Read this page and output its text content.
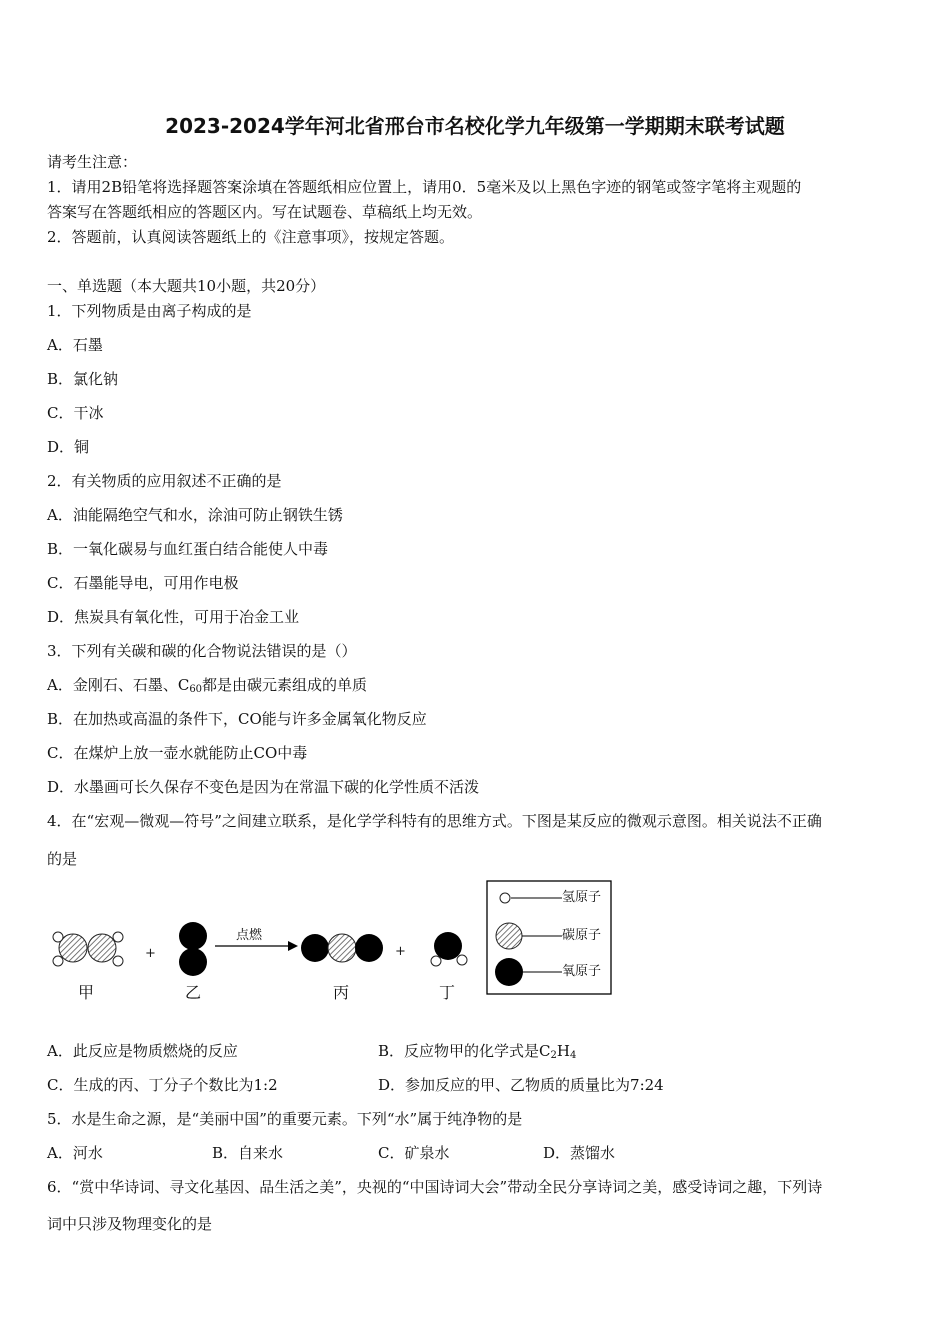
2023-2024学年河北省邢台市名校化学九年级第一学期期末联考试题
请考生注意：
1．请用2B铅笔将选择题答案涂填在答题纸相应位置上，请用0．5毫米及以上黑色字迹的钢笔或签字笔将主观题的
答案写在答题纸相应的答题区内。写在试题卷、草稿纸上均无效。
2．答题前，认真阅读答题纸上的《注意事项》，按规定答题。
一、单选题（本大题共10小题，共20分）
1．下列物质是由离子构成的是
A．石墨
B．氯化钠
C．干冰
D．铜
2．有关物质的应用叙述不正确的是
A．油能隔绝空气和水，涂油可防止钢铁生锈
B．一氧化碳易与血红蛋白结合能使人中毒
C．石墨能导电，可用作电极
D．焦炭具有氧化性，可用于冶金工业
3．下列有关碳和碳的化合物说法错误的是（）
A．金刚石、石墨、$C_{60}$都是由碳元素组成的单质
B．在加热或高温的条件下，CO能与许多金属氧化物反应
C．在煤炉上放一壶水就能防止CO中毒
D．水墨画可长久保存不变色是因为在常温下碳的化学性质不活泼
4．在“宏观—微观—符号”之间建立联系，是化学学科特有的思维方式。下图是某反应的微观示意图。相关说法不正确
的是
甲	乙	丙	丁
+	+
点燃
氢原子
碳原子
氧原子
A．此反应是物质燃烧的反应	B．反应物甲的化学式是$C_2H_4$
C．生成的丙、丁分子个数比为1:2	D．参加反应的甲、乙物质的质量比为7:24
5．水是生命之源，是“美丽中国”的重要元素。下列“水”属于纯净物的是
A．河水	B．自来水	C．矿泉水	D．蒸馏水
6．“赏中华诗词、寻文化基因、品生活之美”，央视的“中国诗词大会”带动全民分享诗词之美，感受诗词之趣，下列诗
词中只涉及物理变化的是
